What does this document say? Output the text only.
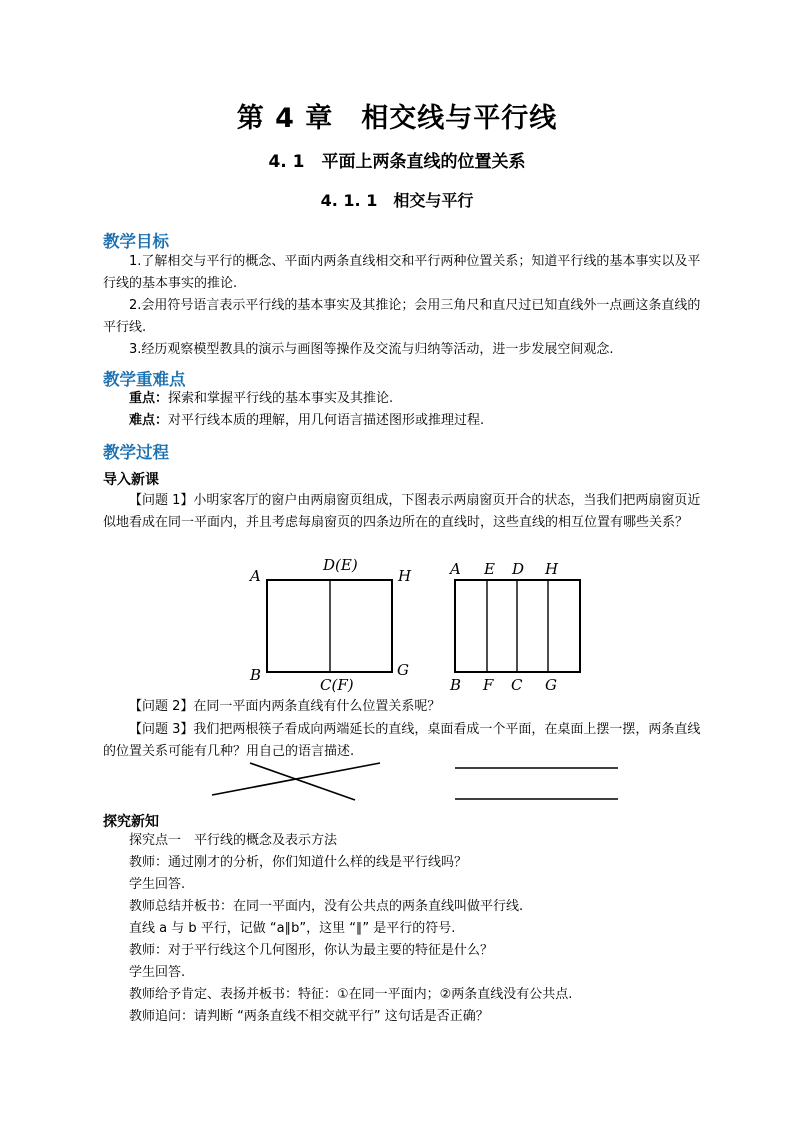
第 4 章　相交线与平行线
4. 1　平面上两条直线的位置关系
4. 1. 1　相交与平行
教学目标
1.了解相交与平行的概念、平面内两条直线相交和平行两种位置关系；知道平行线的基本事实以及平行线的基本事实的推论.
2.会用符号语言表示平行线的基本事实及其推论；会用三角尺和直尺过已知直线外一点画这条直线的平行线.
3.经历观察模型教具的演示与画图等操作及交流与归纳等活动，进一步发展空间观念.
教学重难点
重点：探索和掌握平行线的基本事实及其推论.
难点：对平行线本质的理解，用几何语言描述图形或推理过程.
教学过程
导入新课
【问题 1】小明家客厅的窗户由两扇窗页组成，下图表示两扇窗页开合的状态，当我们把两扇窗页近似地看成在同一平面内，并且考虑每扇窗页的四条边所在的直线时，这些直线的相互位置有哪些关系？
A
D(E)
H
B
C(F)
G
A E D H
B F C G
【问题 2】在同一平面内两条直线有什么位置关系呢？
【问题 3】我们把两根筷子看成向两端延长的直线，桌面看成一个平面，在桌面上摆一摆，两条直线的位置关系可能有几种？用自己的语言描述.
探究新知
探究点一　平行线的概念及表示方法
教师：通过刚才的分析，你们知道什么样的线是平行线吗？
学生回答.
教师总结并板书：在同一平面内，没有公共点的两条直线叫做平行线.
直线 a 与 b 平行，记做 “a∥b”，这里 “∥” 是平行的符号.
教师：对于平行线这个几何图形，你认为最主要的特征是什么？
学生回答.
教师给予肯定、表扬并板书：特征：①在同一平面内；②两条直线没有公共点.
教师追问：请判断 “两条直线不相交就平行” 这句话是否正确？
